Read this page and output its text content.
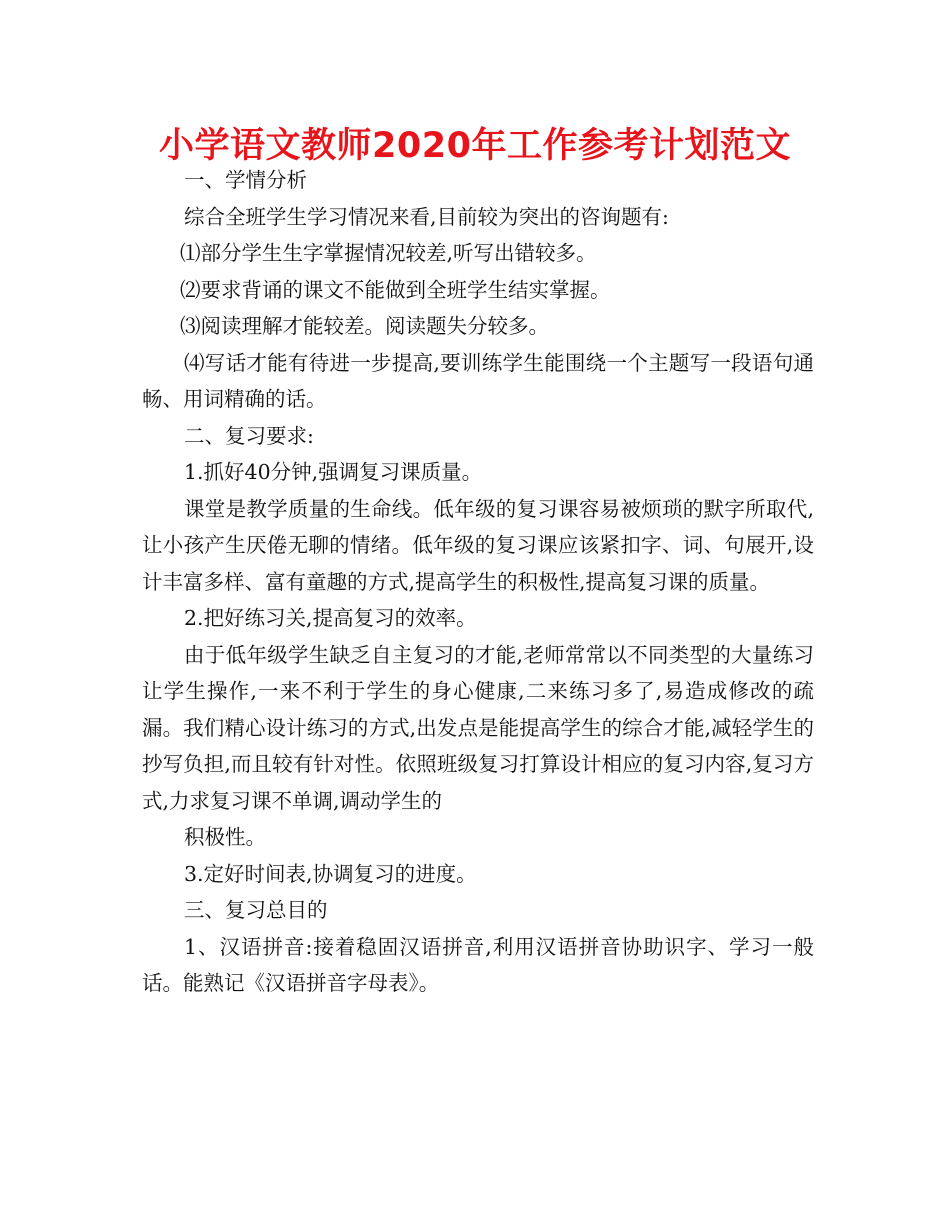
小学语文教师2020年工作参考计划范文

一、学情分析

综合全班学生学习情况来看,目前较为突出的咨询题有:

⑴部分学生生字掌握情况较差,听写出错较多。

⑵要求背诵的课文不能做到全班学生结实掌握。

⑶阅读理解才能较差。阅读题失分较多。

⑷写话才能有待进一步提高,要训练学生能围绕一个主题写一段语句通畅、用词精确的话。

二、复习要求:

1.抓好40分钟,强调复习课质量。

课堂是教学质量的生命线。低年级的复习课容易被烦琐的默字所取代,让小孩产生厌倦无聊的情绪。低年级的复习课应该紧扣字、词、句展开,设计丰富多样、富有童趣的方式,提高学生的积极性,提高复习课的质量。

2.把好练习关,提高复习的效率。

由于低年级学生缺乏自主复习的才能,老师常常以不同类型的大量练习让学生操作,一来不利于学生的身心健康,二来练习多了,易造成修改的疏漏。我们精心设计练习的方式,出发点是能提高学生的综合才能,减轻学生的抄写负担,而且较有针对性。依照班级复习打算设计相应的复习内容,复习方式,力求复习课不单调,调动学生的

积极性。

3.定好时间表,协调复习的进度。

三、复习总目的

1、汉语拼音:接着稳固汉语拼音,利用汉语拼音协助识字、学习一般话。能熟记《汉语拼音字母表》。
